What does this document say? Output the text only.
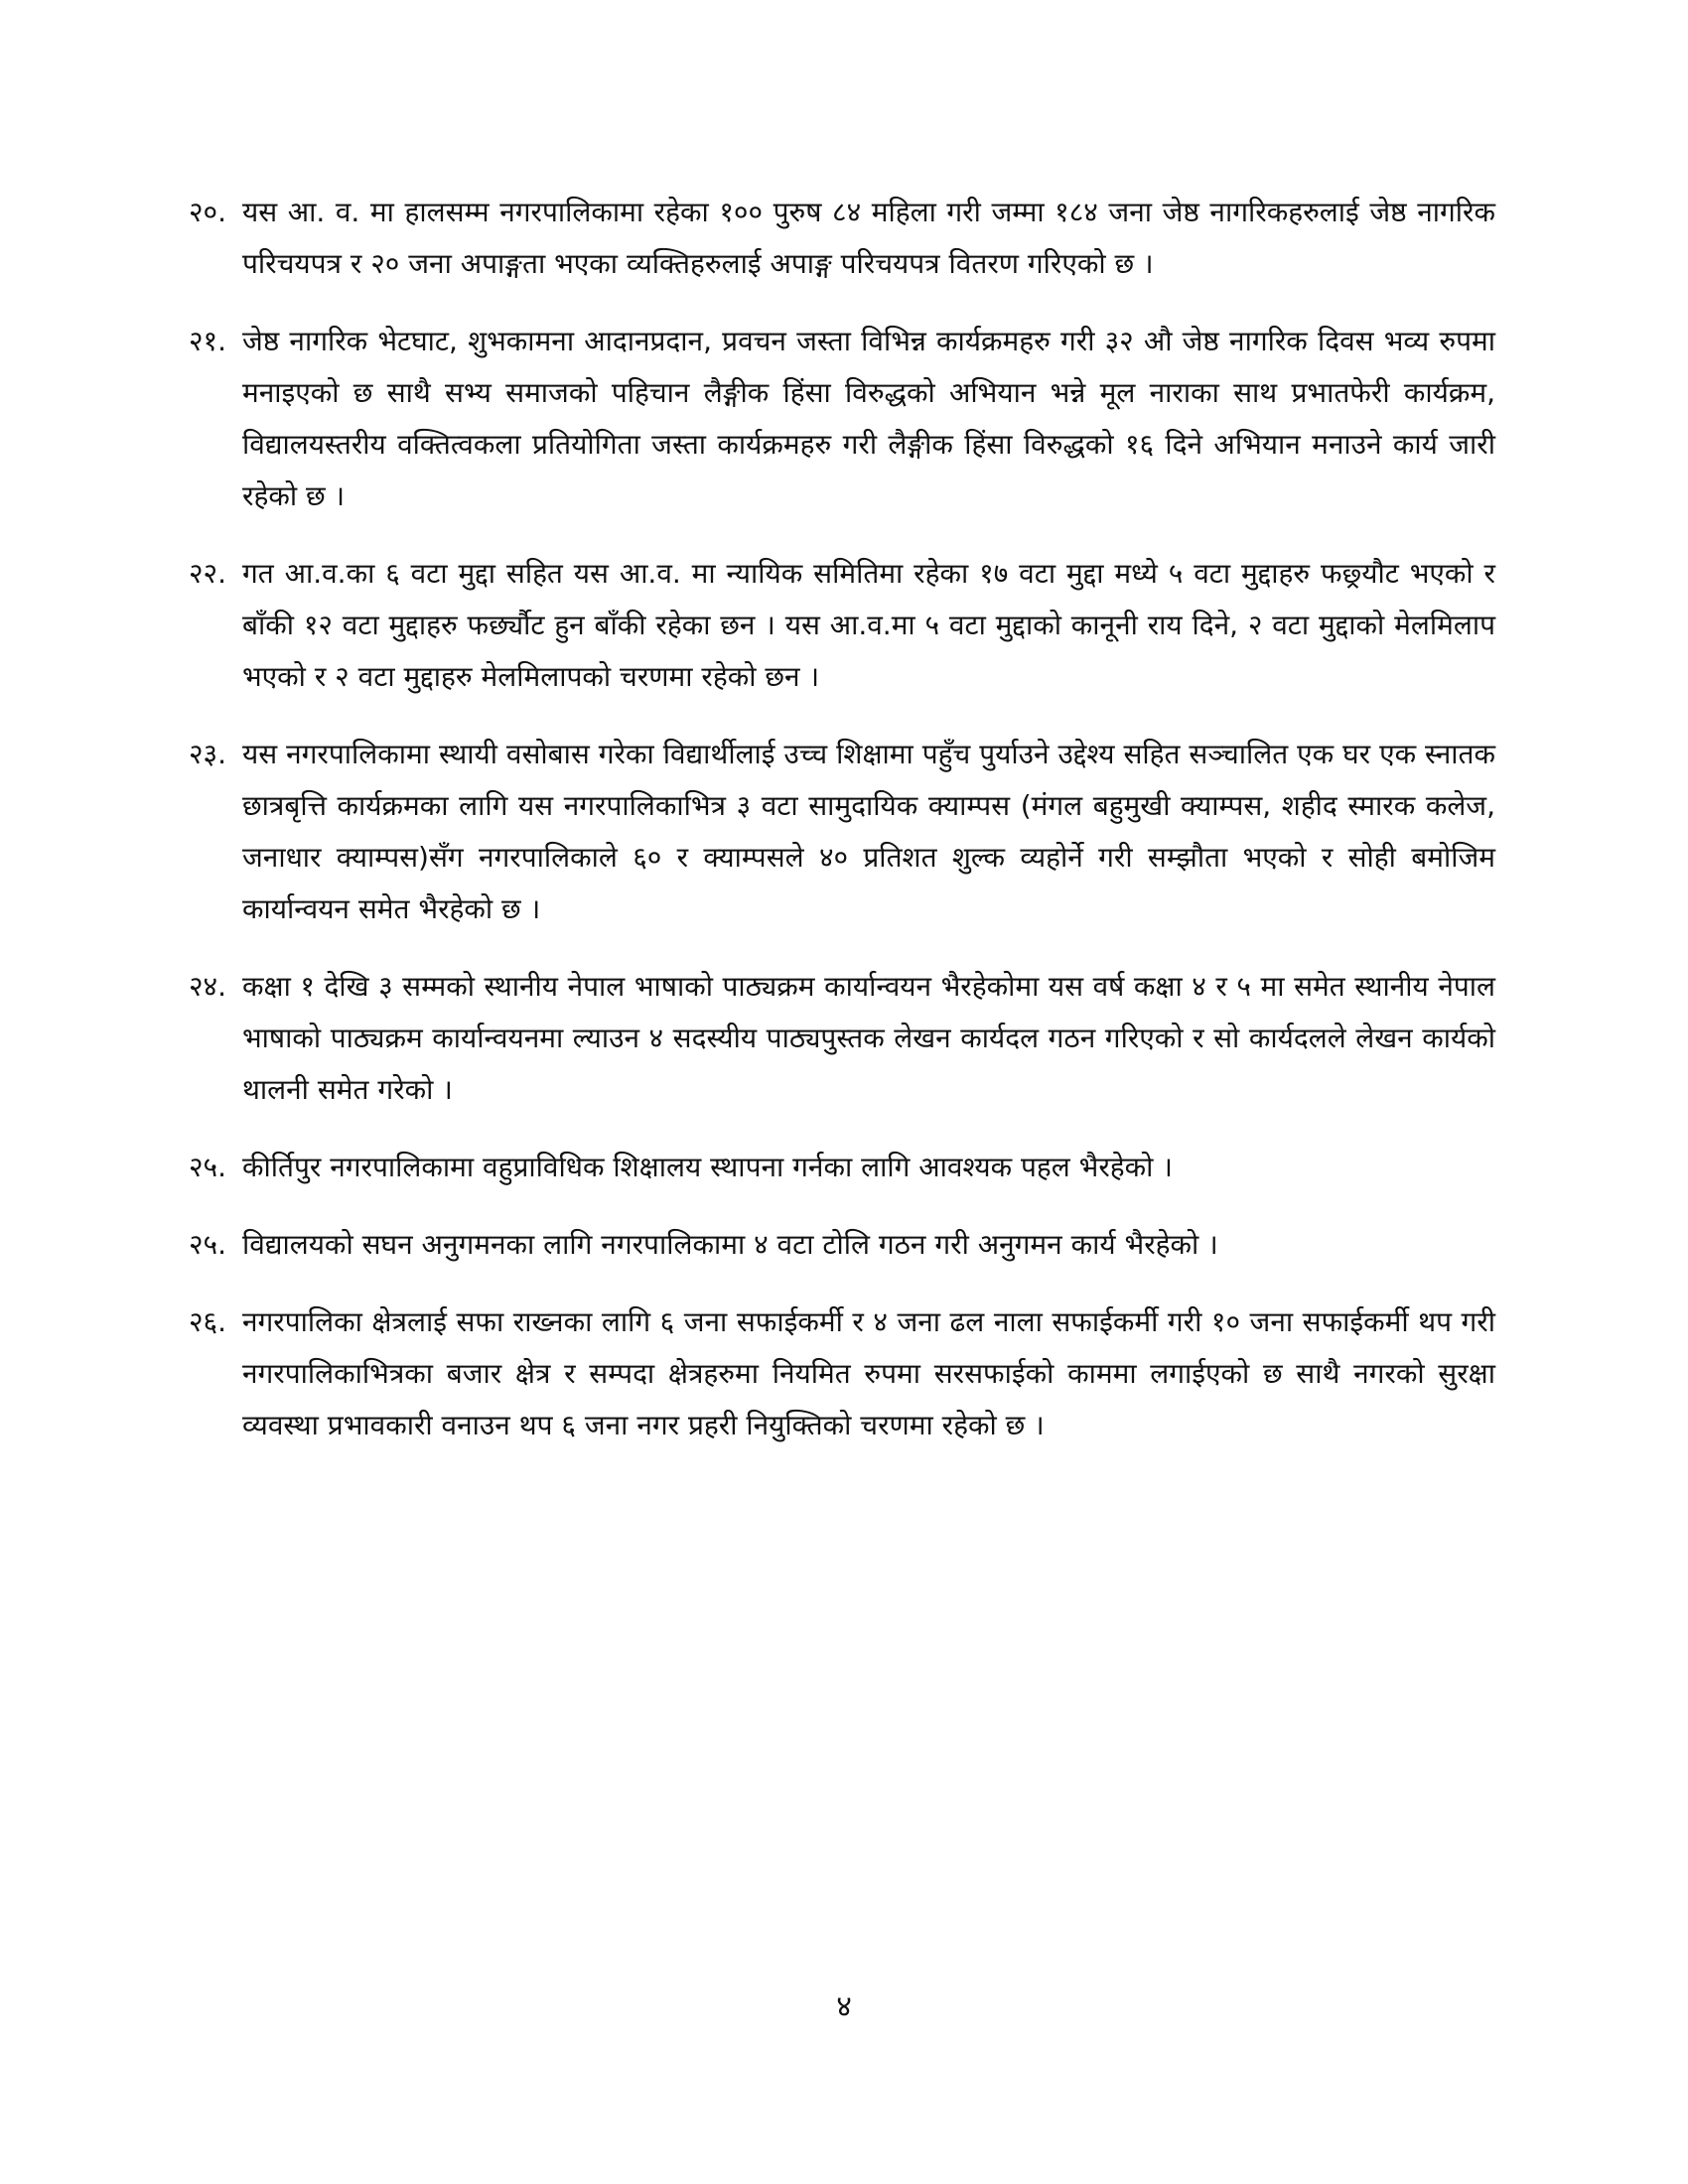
२०. यस आ. व. मा हालसम्म नगरपालिकामा रहेका १०० पुरुष ८४ महिला गरी जम्मा १८४ जना जेष्ठ नागरिकहरुलाई जेष्ठ नागरिक परिचयपत्र र २० जना अपाङ्गता भएका व्यक्तिहरुलाई अपाङ्ग परिचयपत्र वितरण गरिएको छ ।
२१. जेष्ठ नागरिक भेटघाट, शुभकामना आदानप्रदान, प्रवचन जस्ता विभिन्न कार्यक्रमहरु गरी ३२ औ जेष्ठ नागरिक दिवस भव्य रुपमा मनाइएको छ साथै सभ्य समाजको पहिचान लैङ्गीक हिंसा विरुद्धको अभियान भन्ने मूल नाराका साथ प्रभातफेरी कार्यक्रम, विद्यालयस्तरीय वक्तित्वकला प्रतियोगिता जस्ता कार्यक्रमहरु गरी लैङ्गीक हिंसा विरुद्धको १६ दिने अभियान मनाउने कार्य जारी रहेको छ ।
२२. गत आ.व.का ६ वटा मुद्दा सहित यस आ.व. मा न्यायिक समितिमा रहेका १७ वटा मुद्दा मध्ये ५ वटा मुद्दाहरु फछ्र्यौट भएको र बाँकी १२ वटा मुद्दाहरु फर्छ्यौट हुन बाँकी रहेका छन । यस आ.व.मा ५ वटा मुद्दाको कानूनी राय दिने, २ वटा मुद्दाको मेलमिलाप भएको र २ वटा मुद्दाहरु मेलमिलापको चरणमा रहेको छन ।
२३. यस नगरपालिकामा स्थायी वसोबास गरेका विद्यार्थीलाई उच्च शिक्षामा पहुँच पुर्याउने उद्देश्य सहित सञ्चालित एक घर एक स्नातक छात्रबृत्ति कार्यक्रमका लागि यस नगरपालिकाभित्र ३ वटा सामुदायिक क्याम्पस (मंगल बहुमुखी क्याम्पस, शहीद स्मारक कलेज, जनाधार क्याम्पस)सँग नगरपालिकाले ६० र क्याम्पसले ४० प्रतिशत शुल्क व्यहोर्ने गरी सम्झौता भएको र सोही बमोजिम कार्यान्वयन समेत भैरहेको छ ।
२४. कक्षा १ देखि ३ सम्मको स्थानीय नेपाल भाषाको पाठ्यक्रम कार्यान्वयन भैरहेकोमा यस वर्ष कक्षा ४ र ५ मा समेत स्थानीय नेपाल भाषाको पाठ्यक्रम कार्यान्वयनमा ल्याउन ४ सदस्यीय पाठ्यपुस्तक लेखन कार्यदल गठन गरिएको र सो कार्यदलले लेखन कार्यको थालनी समेत गरेको ।
२५. कीर्तिपुर नगरपालिकामा वहुप्राविधिक शिक्षालय स्थापना गर्नका लागि आवश्यक पहल भैरहेको ।
२५. विद्यालयको सघन अनुगमनका लागि नगरपालिकामा ४ वटा टोलि गठन गरी अनुगमन कार्य भैरहेको ।
२६. नगरपालिका क्षेत्रलाई सफा राख्नका लागि ६ जना सफाईकर्मी र ४ जना ढल नाला सफाईकर्मी गरी १० जना सफाईकर्मी थप गरी नगरपालिकाभित्रका बजार क्षेत्र र सम्पदा क्षेत्रहरुमा नियमित रुपमा सरसफाईको काममा लगाईएको छ साथै नगरको सुरक्षा व्यवस्था प्रभावकारी वनाउन थप ६ जना नगर प्रहरी नियुक्तिको चरणमा रहेको छ ।
४
